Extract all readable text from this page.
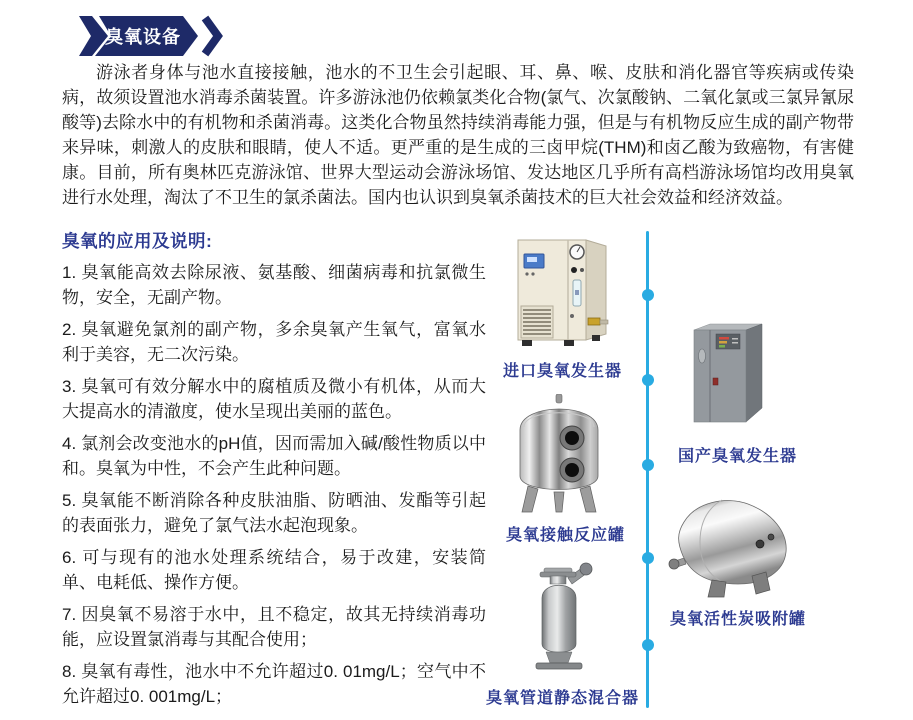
臭氧设备

游泳者身体与池水直接接触，池水的不卫生会引起眼、耳、鼻、喉、皮肤和消化器官等疾病或传染病，故须设置池水消毒杀菌装置。许多游泳池仍依赖氯类化合物(氯气、次氯酸钠、二氧化氯或三氯异氰尿酸等)去除水中的有机物和杀菌消毒。这类化合物虽然持续消毒能力强，但是与有机物反应生成的副产物带来异味，刺激人的皮肤和眼睛，使人不适。更严重的是生成的三卤甲烷(THM)和卤乙酸为致癌物，有害健康。目前，所有奥林匹克游泳馆、世界大型运动会游泳场馆、发达地区几乎所有高档游泳场馆均改用臭氧进行水处理，淘汰了不卫生的氯杀菌法。国内也认识到臭氧杀菌技术的巨大社会效益和经济效益。

臭氧的应用及说明:

1. 臭氧能高效去除尿液、氨基酸、细菌病毒和抗氯微生物，安全，无副产物。

2. 臭氧避免氯剂的副产物，多余臭氧产生氧气，富氧水利于美容，无二次污染。

3. 臭氧可有效分解水中的腐植质及微小有机体，从而大大提高水的清澈度，使水呈现出美丽的蓝色。

4. 氯剂会改变池水的pH值，因而需加入碱/酸性物质以中和。臭氧为中性，不会产生此种问题。

5. 臭氧能不断消除各种皮肤油脂、防晒油、发酯等引起的表面张力，避免了氯气法水起泡现象。

6. 可与现有的池水处理系统结合，易于改建，安装简单、电耗低、操作方便。

7. 因臭氧不易溶于水中，且不稳定，故其无持续消毒功能，应设置氯消毒与其配合使用；

8. 臭氧有毒性，池水中不允许超过0. 01mg/L；空气中不允许超过0. 001mg/L；

进口臭氧发生器
臭氧接触反应罐
臭氧管道静态混合器
国产臭氧发生器
臭氧活性炭吸附罐
